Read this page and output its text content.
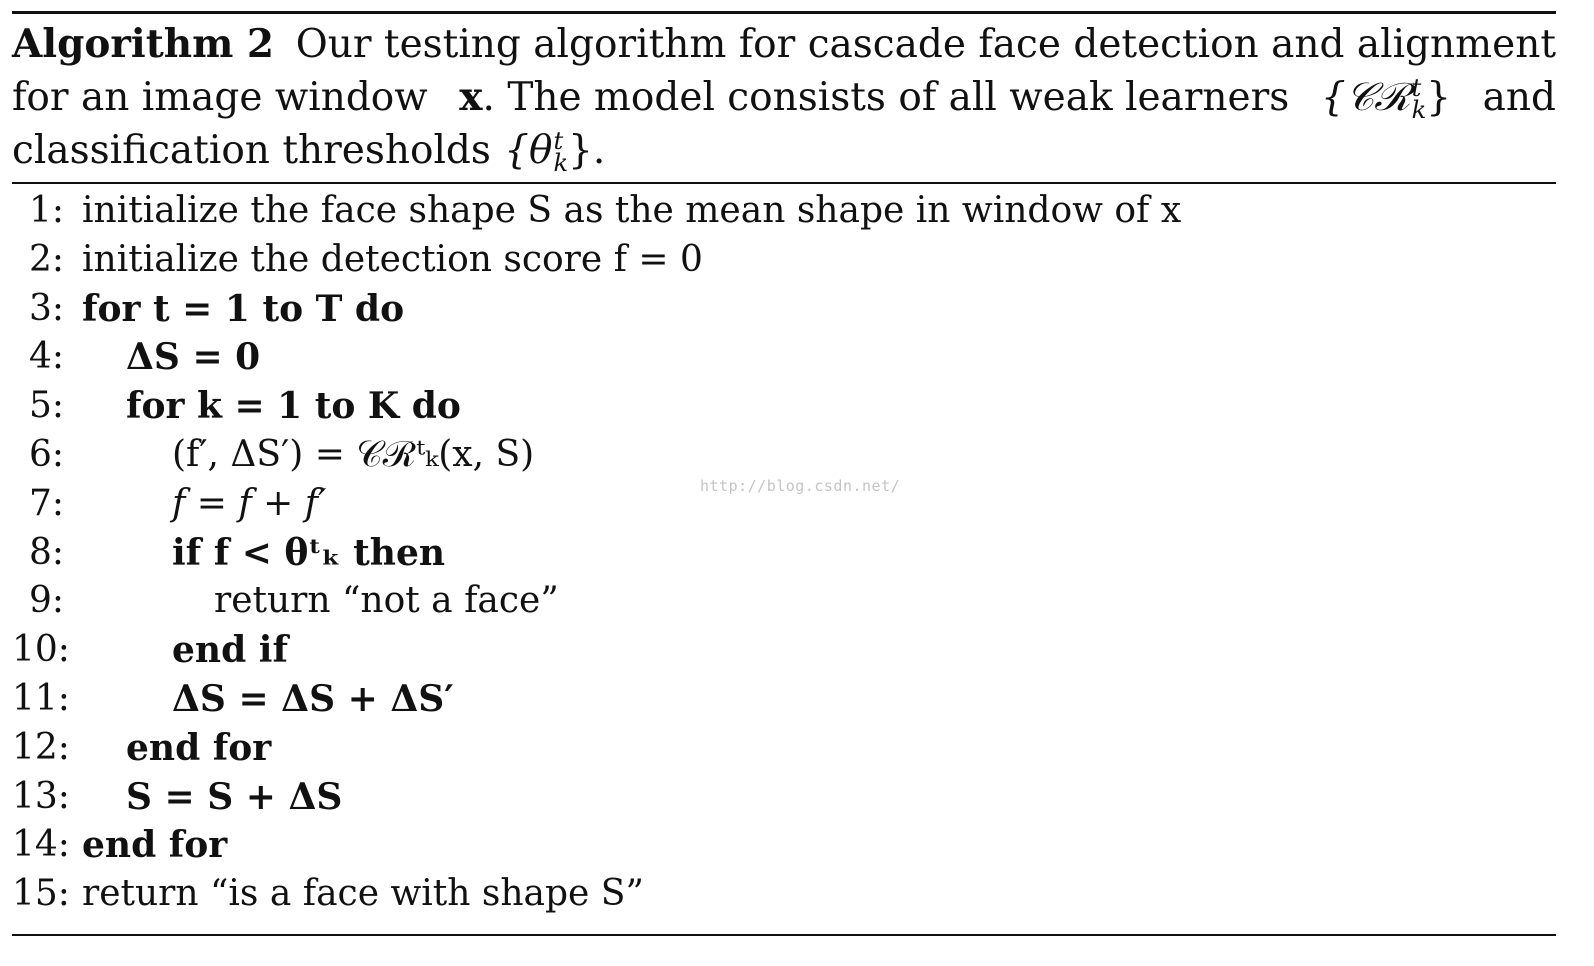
Algorithm 2 Our testing algorithm for cascade face detection and alignment
for an image window x. The model consists of all weak learners {𝒞ℛ t
k } and
classification thresholds {θ t
k }.
1: initialize the face shape S as the mean shape in window of x
2: initialize the detection score f = 0
3: for t = 1 to T do
4: ΔS = 0
5: for k = 1 to K do
6:	(f′, ΔS′) = 𝒞ℛᵗₖ(x, S)
7:	f = f + f′
8:	if f < θᵗₖ then
9:	return “not a face”
10:	end if
11:	ΔS = ΔS + ΔS′
12: end for
13: S = S + ΔS
14: end for
15: return “is a face with shape S”
http://blog.csdn.net/
